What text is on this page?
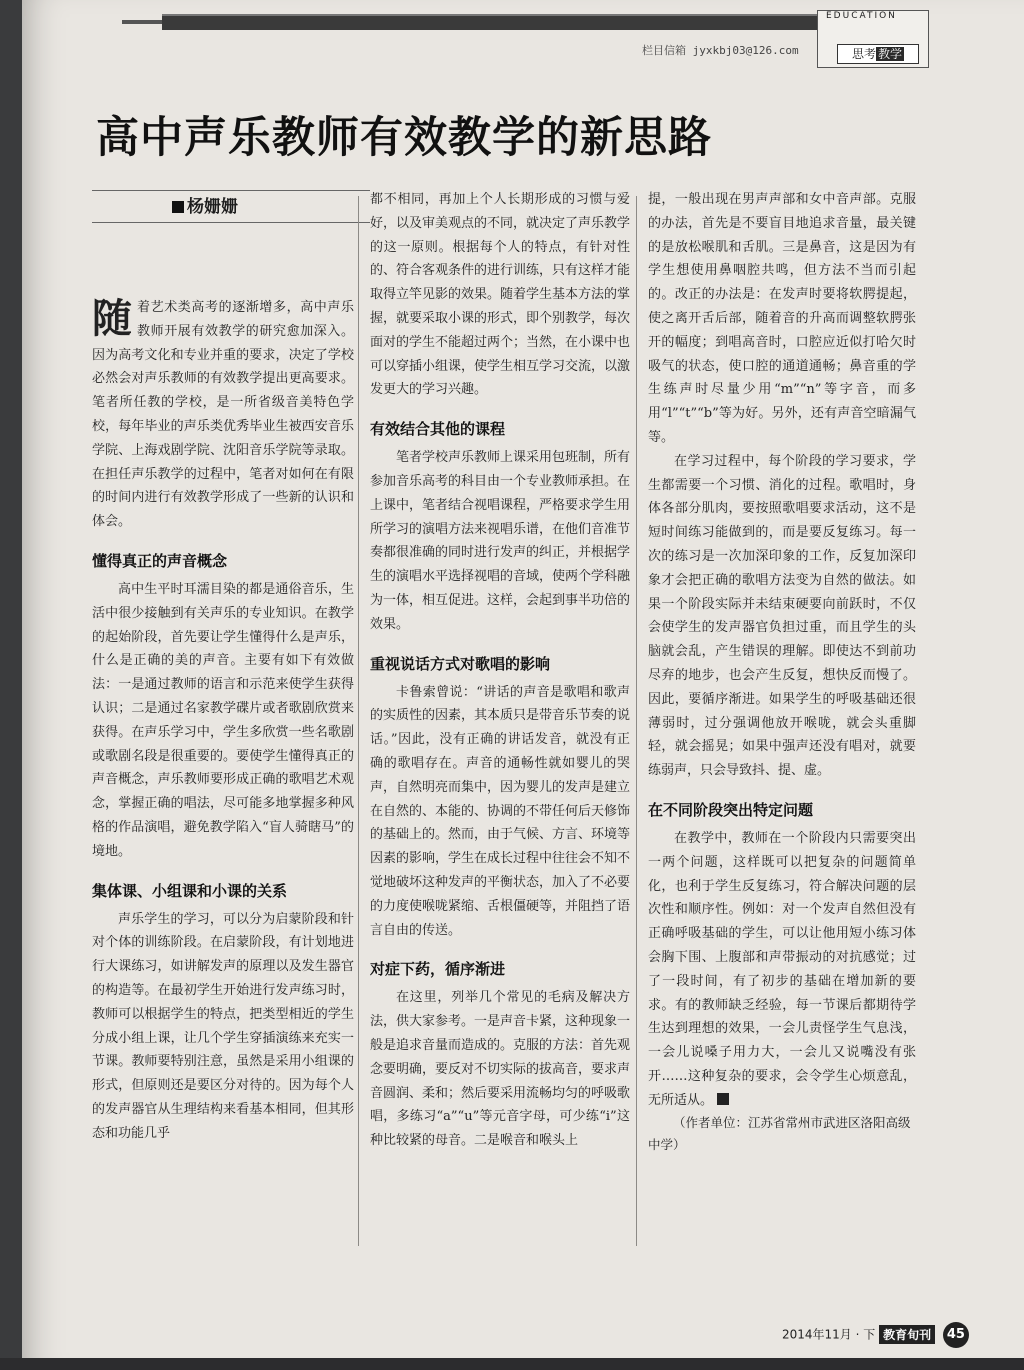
EDUCATION
栏目信箱 jyxkbj03@126.com	思考 教学
高中声乐教师有效教学的新思路
杨姗姗

随着艺术类高考的逐渐增多，高中声乐教师开展有效教学的研究愈加深入。因为高考文化和专业并重的要求，决定了学校必然会对声乐教师的有效教学提出更高要求。笔者所任教的学校，是一所省级音美特色学校，每年毕业的声乐类优秀毕业生被西安音乐学院、上海戏剧学院、沈阳音乐学院等录取。在担任声乐教学的过程中，笔者对如何在有限的时间内进行有效教学形成了一些新的认识和体会。

懂得真正的声音概念

高中生平时耳濡目染的都是通俗音乐，生活中很少接触到有关声乐的专业知识。在教学的起始阶段，首先要让学生懂得什么是声乐，什么是正确的美的声音。主要有如下有效做法：一是通过教师的语言和示范来使学生获得认识；二是通过名家教学碟片或者歌剧欣赏来获得。在声乐学习中，学生多欣赏一些名歌剧或歌剧名段是很重要的。要使学生懂得真正的声音概念，声乐教师要形成正确的歌唱艺术观念，掌握正确的唱法，尽可能多地掌握多种风格的作品演唱，避免教学陷入“盲人骑瞎马”的境地。

集体课、小组课和小课的关系

声乐学生的学习，可以分为启蒙阶段和针对个体的训练阶段。在启蒙阶段，有计划地进行大课练习，如讲解发声的原理以及发生器官的构造等。在最初学生开始进行发声练习时，教师可以根据学生的特点，把类型相近的学生分成小组上课，让几个学生穿插演练来充实一节课。教师要特别注意，虽然是采用小组课的形式，但原则还是要区分对待的。因为每个人的发声器官从生理结构来看基本相同，但其形态和功能几乎

都不相同，再加上个人长期形成的习惯与爱好，以及审美观点的不同，就决定了声乐教学的这一原则。根据每个人的特点，有针对性的、符合客观条件的进行训练，只有这样才能取得立竿见影的效果。随着学生基本方法的掌握，就要采取小课的形式，即个别教学，每次面对的学生不能超过两个；当然，在小课中也可以穿插小组课，使学生相互学习交流，以激发更大的学习兴趣。

有效结合其他的课程

笔者学校声乐教师上课采用包班制，所有参加音乐高考的科目由一个专业教师承担。在上课中，笔者结合视唱课程，严格要求学生用所学习的演唱方法来视唱乐谱，在他们音准节奏都很准确的同时进行发声的纠正，并根据学生的演唱水平选择视唱的音域，使两个学科融为一体，相互促进。这样，会起到事半功倍的效果。

重视说话方式对歌唱的影响

卡鲁索曾说：“讲话的声音是歌唱和歌声的实质性的因素，其本质只是带音乐节奏的说话。”因此，没有正确的讲话发音，就没有正确的歌唱存在。声音的通畅性就如婴儿的哭声，自然明亮而集中，因为婴儿的发声是建立在自然的、本能的、协调的不带任何后天修饰的基础上的。然而，由于气候、方言、环境等因素的影响，学生在成长过程中往往会不知不觉地破坏这种发声的平衡状态，加入了不必要的力度使喉咙紧缩、舌根僵硬等，并阻挡了语言自由的传送。

对症下药，循序渐进

在这里，列举几个常见的毛病及解决方法，供大家参考。一是声音卡紧，这种现象一般是追求音量而造成的。克服的方法：首先观念要明确，要反对不切实际的拔高音，要求声音圆润、柔和；然后要采用流畅均匀的呼吸歌唱，多练习“a”“u”等元音字母，可少练“i”这种比较紧的母音。二是喉音和喉头上

提，一般出现在男声声部和女中音声部。克服的办法，首先是不要盲目地追求音量，最关键的是放松喉肌和舌肌。三是鼻音，这是因为有学生想使用鼻咽腔共鸣，但方法不当而引起的。改正的办法是：在发声时要将软腭提起，使之离开舌后部，随着音的升高而调整软腭张开的幅度；到唱高音时，口腔应近似打哈欠时吸气的状态，使口腔的通道通畅；鼻音重的学生练声时尽量少用“m”“n”等字音，而多用“l”“t”“b”等为好。另外，还有声音空暗漏气等。

在学习过程中，每个阶段的学习要求，学生都需要一个习惯、消化的过程。歌唱时，身体各部分肌肉，要按照歌唱要求活动，这不是短时间练习能做到的，而是要反复练习。每一次的练习是一次加深印象的工作，反复加深印象才会把正确的歌唱方法变为自然的做法。如果一个阶段实际并未结束硬要向前跃时，不仅会使学生的发声器官负担过重，而且学生的头脑就会乱，产生错误的理解。即使达不到前功尽弃的地步，也会产生反复，想快反而慢了。因此，要循序渐进。如果学生的呼吸基础还很薄弱时，过分强调他放开喉咙，就会头重脚轻，就会摇晃；如果中强声还没有唱对，就要练弱声，只会导致抖、提、虚。

在不同阶段突出特定问题

在教学中，教师在一个阶段内只需要突出一两个问题，这样既可以把复杂的问题简单化，也利于学生反复练习，符合解决问题的层次性和顺序性。例如：对一个发声自然但没有正确呼吸基础的学生，可以让他用短小练习体会胸下围、上腹部和声带振动的对抗感觉；过了一段时间，有了初步的基础在增加新的要求。有的教师缺乏经验，每一节课后都期待学生达到理想的效果，一会儿责怪学生气息浅，一会儿说嗓子用力大，一会儿又说嘴没有张开……这种复杂的要求，会令学生心烦意乱，无所适从。

（作者单位：江苏省常州市武进区洛阳高级中学）

2014年11月 · 下 教育旬刊 45
